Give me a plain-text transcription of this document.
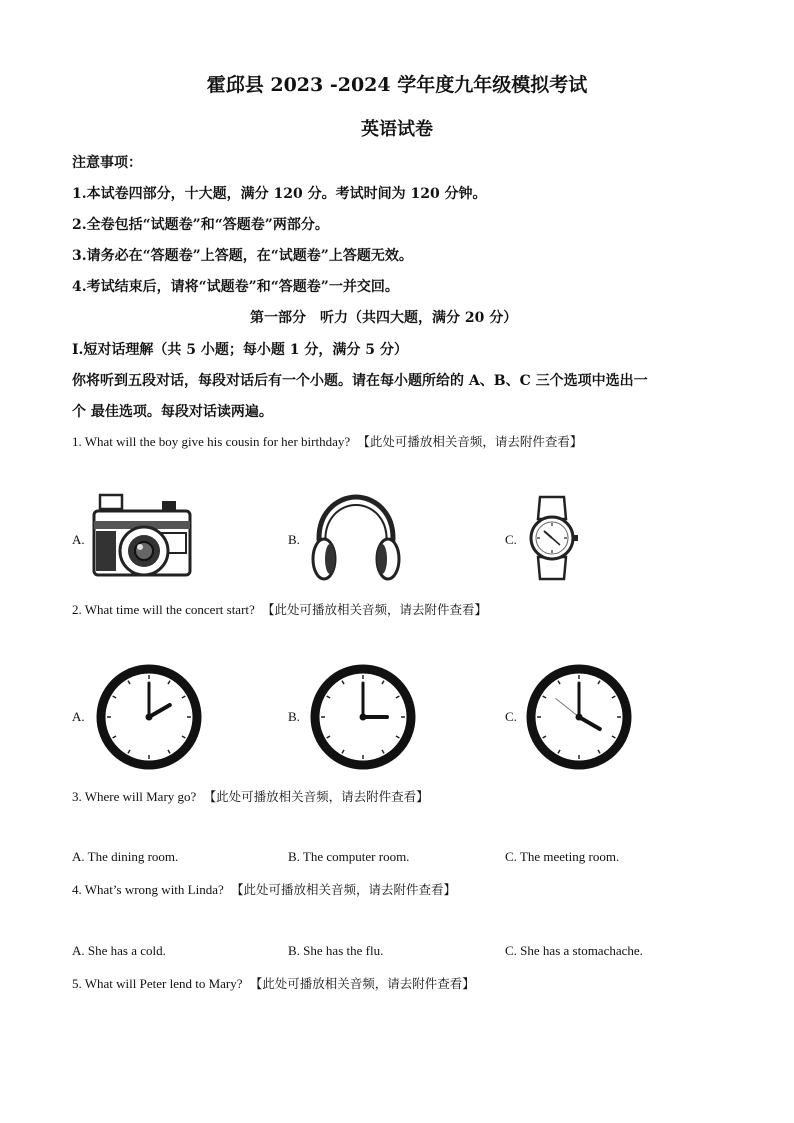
霍邱县 2023 -2024 学年度九年级模拟考试
英语试卷
注意事项：
1.本试卷四部分，十大题，满分 120 分。考试时间为 120 分钟。
2.全卷包括“试题卷”和“答题卷”两部分。
3.请务必在“答题卷”上答题，在“试题卷”上答题无效。
4.考试结束后，请将“试题卷”和“答题卷”一并交回。
第一部分　听力（共四大题，满分 20 分）
Ⅰ.短对话理解（共 5 小题；每小题 1 分，满分 5 分）
你将听到五段对话，每段对话后有一个小题。请在每小题所给的 A、B、C 三个选项中选出一
个 最佳选项。每段对话读两遍。
1. What will the boy give his cousin for her birthday? 【此处可播放相关音频，请去附件查看】
A.	B.	C.
2. What time will the concert start? 【此处可播放相关音频，请去附件查看】
A.	B.	C.
3. Where will Mary go? 【此处可播放相关音频，请去附件查看】
A. The dining room.	B. The computer room.	C. The meeting room.
4. What’s wrong with Linda? 【此处可播放相关音频，请去附件查看】
A. She has a cold.	B. She has the flu.	C. She has a stomachache.
5. What will Peter lend to Mary? 【此处可播放相关音频，请去附件查看】
